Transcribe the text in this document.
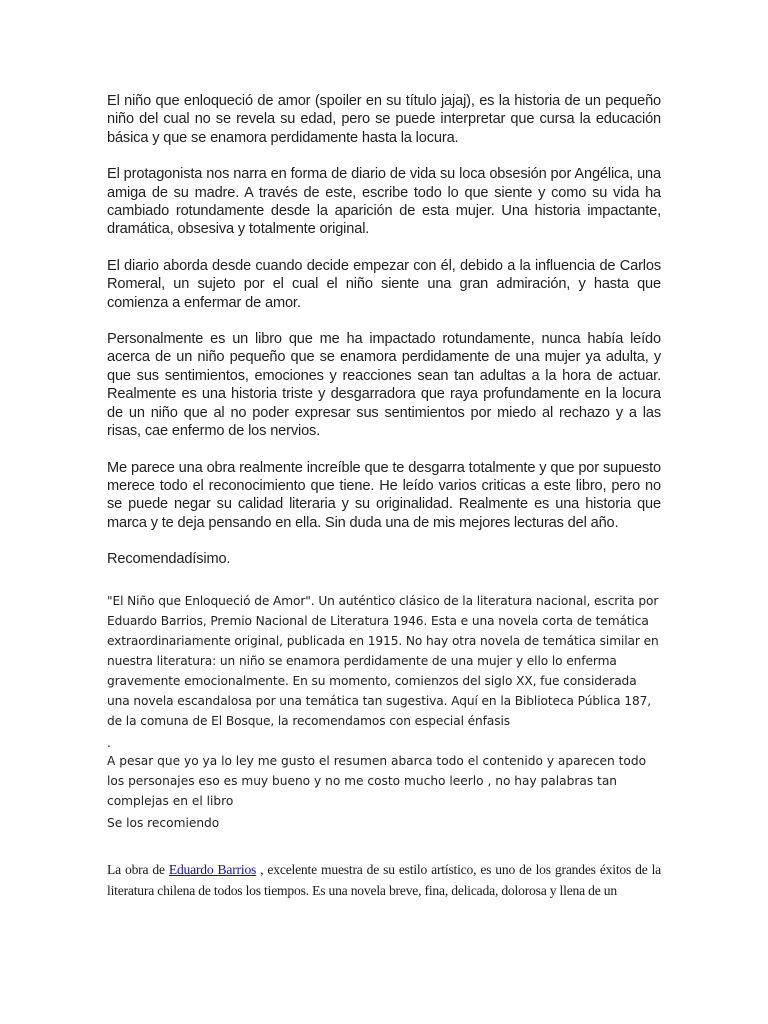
El niño que enloqueció de amor (spoiler en su título jajaj), es la historia de un pequeño niño del cual no se revela su edad, pero se puede interpretar que cursa la educación básica y que se enamora perdidamente hasta la locura.

El protagonista nos narra en forma de diario de vida su loca obsesión por Angélica, una amiga de su madre. A través de este, escribe todo lo que siente y como su vida ha cambiado rotundamente desde la aparición de esta mujer. Una historia impactante, dramática, obsesiva y totalmente original.

El diario aborda desde cuando decide empezar con él, debido a la influencia de Carlos Romeral, un sujeto por el cual el niño siente una gran admiración, y hasta que comienza a enfermar de amor.

Personalmente es un libro que me ha impactado rotundamente, nunca había leído acerca de un niño pequeño que se enamora perdidamente de una mujer ya adulta, y que sus sentimientos, emociones y reacciones sean tan adultas a la hora de actuar. Realmente es una historia triste y desgarradora que raya profundamente en la locura de un niño que al no poder expresar sus sentimientos por miedo al rechazo y a las risas, cae enfermo de los nervios.

Me parece una obra realmente increíble que te desgarra totalmente y que por supuesto merece todo el reconocimiento que tiene. He leído varios criticas a este libro, pero no se puede negar su calidad literaria y su originalidad. Realmente es una historia que marca y te deja pensando en ella. Sin duda una de mis mejores lecturas del año.

Recomendadísimo.

"El Niño que Enloqueció de Amor". Un auténtico clásico de la literatura nacional, escrita por Eduardo Barrios, Premio Nacional de Literatura 1946. Esta e una novela corta de temática extraordinariamente original, publicada en 1915. No hay otra novela de temática similar en nuestra literatura: un niño se enamora perdidamente de una mujer y ello lo enferma gravemente emocionalmente. En su momento, comienzos del siglo XX, fue considerada una novela escandalosa por una temática tan sugestiva. Aquí en la Biblioteca Pública 187, de la comuna de El Bosque, la recomendamos con especial énfasis

.

A pesar que yo ya lo ley me gusto el resumen abarca todo el contenido y aparecen todo los personajes eso es muy bueno y no me costo mucho leerlo , no hay palabras tan complejas en el libro

Se los recomiendo

La obra de Eduardo Barrios , excelente muestra de su estilo artístico, es uno de los grandes éxitos de la literatura chilena de todos los tiempos. Es una novela breve, fina, delicada, dolorosa y llena de un
